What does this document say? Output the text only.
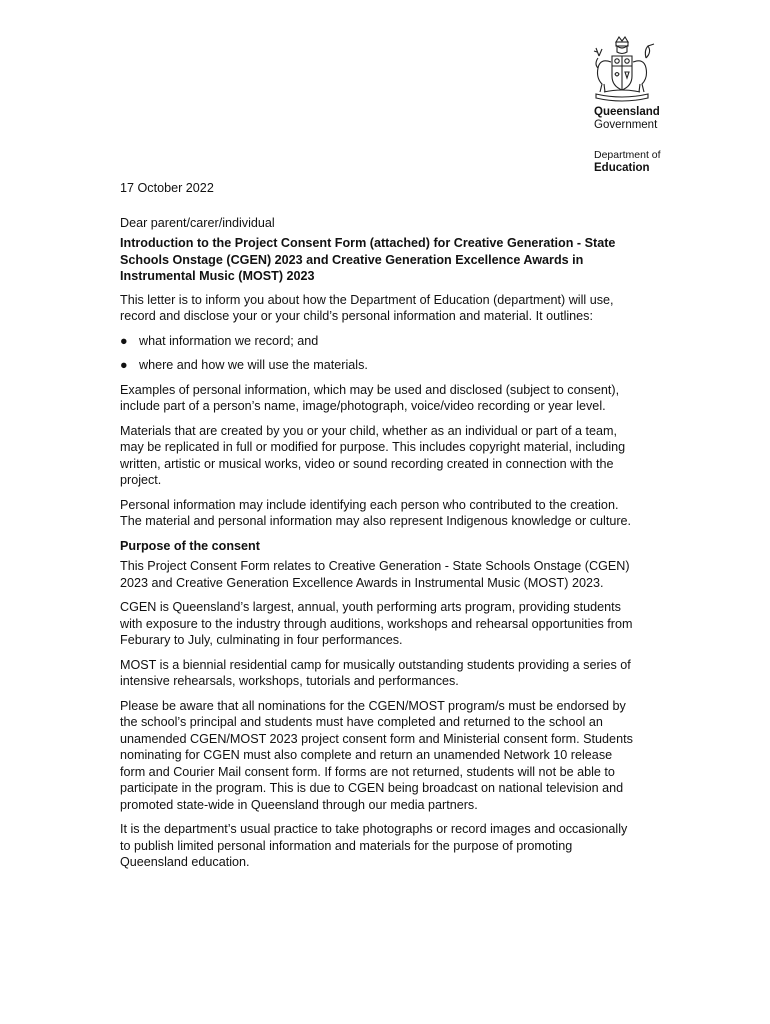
Queensland
Government
Department of
Education
17 October 2022
Dear parent/carer/individual
Introduction to the Project Consent Form (attached) for Creative Generation - State Schools Onstage (CGEN) 2023 and Creative Generation Excellence Awards in Instrumental Music (MOST) 2023

This letter is to inform you about how the Department of Education (department) will use, record and disclose your or your child’s personal information and material. It outlines:

● what information we record; and
● where and how we will use the materials.

Examples of personal information, which may be used and disclosed (subject to consent), include part of a person’s name, image/photograph, voice/video recording or year level.

Materials that are created by you or your child, whether as an individual or part of a team, may be replicated in full or modified for purpose. This includes copyright material, including written, artistic or musical works, video or sound recording created in connection with the project.

Personal information may include identifying each person who contributed to the creation. The material and personal information may also represent Indigenous knowledge or culture.

Purpose of the consent

This Project Consent Form relates to Creative Generation - State Schools Onstage (CGEN) 2023 and Creative Generation Excellence Awards in Instrumental Music (MOST) 2023.

CGEN is Queensland’s largest, annual, youth performing arts program, providing students with exposure to the industry through auditions, workshops and rehearsal opportunities from Feburary to July, culminating in four performances.

MOST is a biennial residential camp for musically outstanding students providing a series of intensive rehearsals, workshops, tutorials and performances.

Please be aware that all nominations for the CGEN/MOST program/s must be endorsed by the school’s principal and students must have completed and returned to the school an unamended CGEN/MOST 2023 project consent form and Ministerial consent form. Students nominating for CGEN must also complete and return an unamended Network 10 release form and Courier Mail consent form. If forms are not returned, students will not be able to participate in the program. This is due to CGEN being broadcast on national television and promoted state-wide in Queensland through our media partners.

It is the department’s usual practice to take photographs or record images and occasionally to publish limited personal information and materials for the purpose of promoting Queensland education.
